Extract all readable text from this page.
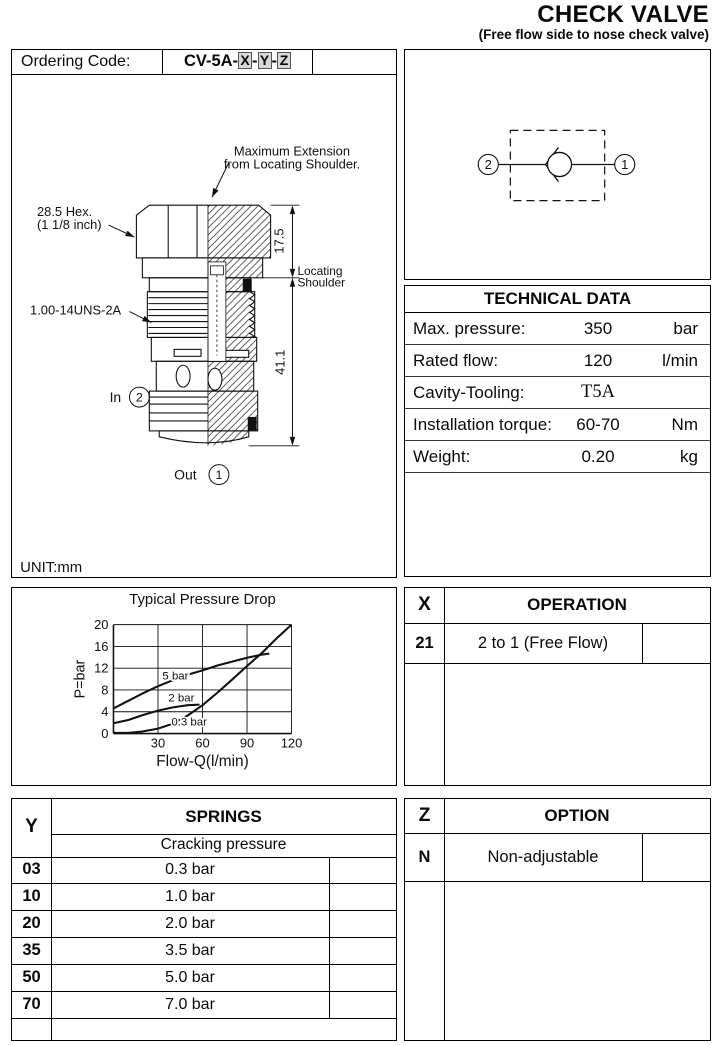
CHECK VALVE
(Free flow side to nose check valve)
Ordering Code:	CV-5A- X - Y - Z
17.5
41.1
Maximum Extension
from Locating Shoulder.
28.5 Hex.
(1 1/8 inch)
1.00-14UNS-2A
Locating
Shoulder
In 2
Out 1
UNIT:mm
2	1
TECHNICAL DATA
Max. pressure:	350	bar
Rated flow:	120	l/min
Cavity-Tooling:	T5A
Installation torque:	60-70	Nm
Weight:	0.20	kg
30 60 90 120
0
4
8
12
16
20
5 bar
2 bar
0.3 bar
Typical Pressure Drop
Flow-Q(l/min)
P=bar
X	OPERATION
21	2 to 1 (Free Flow)
Y	SPRINGS
Cracking pressure
03	0.3 bar
10	1.0 bar
20	2.0 bar
35	3.5 bar
50	5.0 bar
70	7.0 bar
Z	OPTION
N	Non-adjustable
